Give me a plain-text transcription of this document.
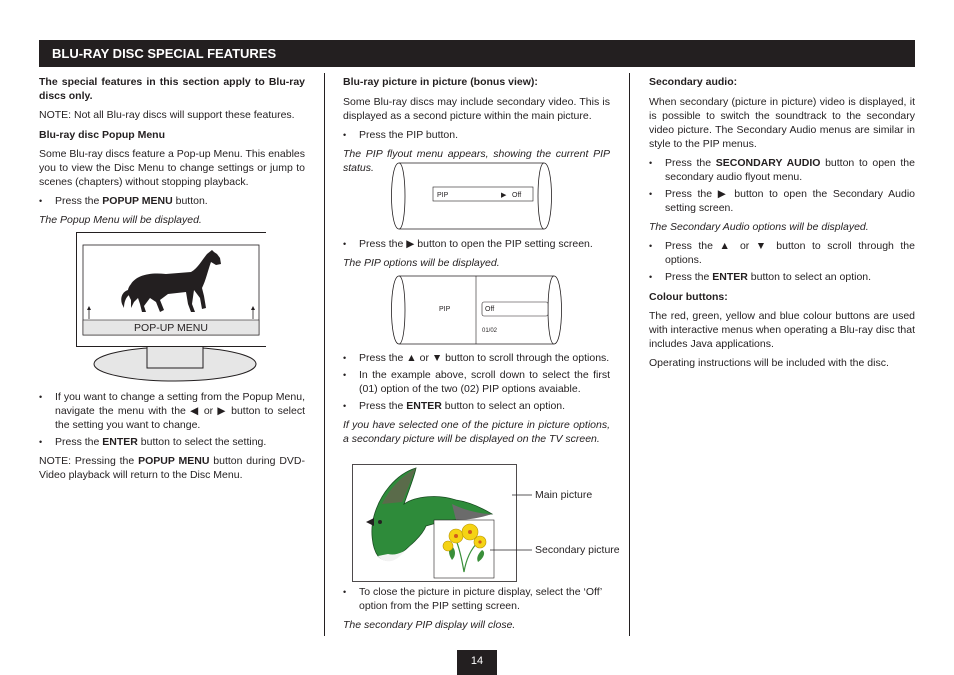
BLU-RAY DISC SPECIAL FEATURES

The special features in this section apply to Blu-ray discs only.

NOTE: Not all Blu-ray discs will support these features.

Blu-ray disc Popup Menu

Some Blu-ray discs feature a Pop-up Menu. This enables you to view the Disc Menu to change settings or jump to scenes (chapters) without stopping playback.

• Press the POPUP MENU button.

The Popup Menu will be displayed.

POP-UP MENU
• If you want to change a setting from the Popup Menu, navigate the menu with the ◀ or ▶ button to select the setting you want to change.
• Press the ENTER button to select the setting.

NOTE: Pressing the POPUP MENU button during DVD-Video playback will return to the Disc Menu.

Blu-ray picture in picture (bonus view):

Some Blu-ray discs may include secondary video. This is displayed as a second picture within the main picture.

• Press the PIP button.

The PIP flyout menu appears, showing the current PIP status.

PIP	▶ Off
• Press the ▶ button to open the PIP setting screen.

The PIP options will be displayed.

PIP	Off
01/02
• Press the ▲ or ▼ button to scroll through the options.
• In the example above, scroll down to select the first (01) option of the two (02) PIP options avaiable.
• Press the ENTER button to select an option.

If you have selected one of the picture in picture options, a secondary picture will be displayed on the TV screen.

Main picture
Secondary picture
• To close the picture in picture display, select the ‘Off’ option from the PIP setting screen.

The secondary PIP display will close.

Secondary audio:

When secondary (picture in picture) video is displayed, it is possible to switch the soundtrack to the secondary video picture. The Secondary Audio menus are similar in style to the PIP menus.

• Press the SECONDARY AUDIO button to open the secondary audio flyout menu.
• Press the ▶ button to open the Secondary Audio setting screen.

The Secondary Audio options will be displayed.

• Press the ▲ or ▼ button to scroll through the options.
• Press the ENTER button to select an option.

Colour buttons:

The red, green, yellow and blue colour buttons are used with interactive menus when operating a Blu-ray disc that includes Java applications.

Operating instructions will be included with the disc.

14
